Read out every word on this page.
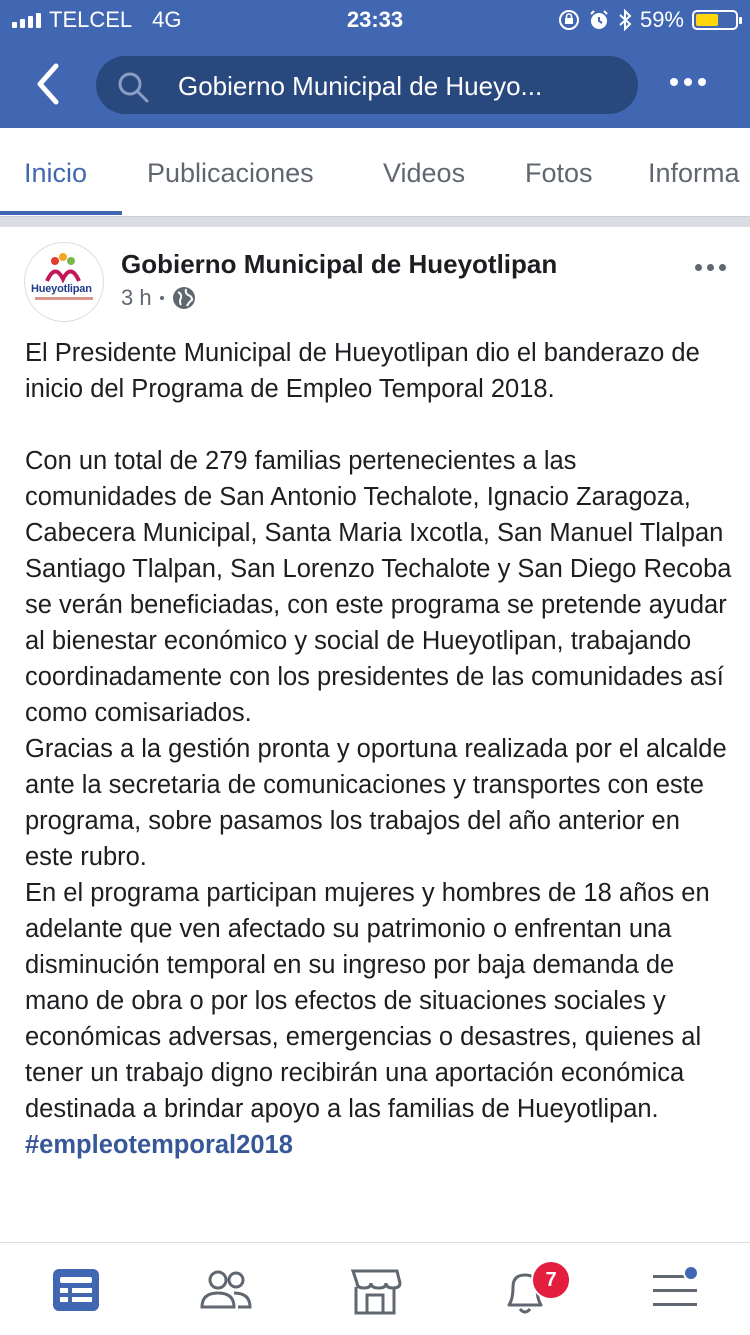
TELCEL 4G	23:33	59%
Gobierno Municipal de Hueyo...
Inicio Publicaciones	Videos Fotos Informa
Hueyotlipan
Gobierno Municipal de Hueyotlipan
3 h

El Presidente Municipal de Hueyotlipan dio el banderazo de inicio del Programa de Empleo Temporal 2018.

Con un total de 279 familias pertenecientes a las comunidades de San Antonio Techalote, Ignacio Zaragoza, Cabecera Municipal, Santa Maria Ixcotla, San Manuel Tlalpan Santiago Tlalpan, San Lorenzo Techalote y San Diego Recoba se verán beneficiadas, con este programa se pretende ayudar al bienestar económico y social de Hueyotlipan, trabajando coordinadamente con los presidentes de las comunidades así como comisariados.

Gracias a la gestión pronta y oportuna realizada por el alcalde ante la secretaria de comunicaciones y transportes con este programa, sobre pasamos los trabajos del año anterior en este rubro.

En el programa participan mujeres y hombres de 18 años en adelante que ven afectado su patrimonio o enfrentan una disminución temporal en su ingreso por baja demanda de mano de obra o por los efectos de situaciones sociales y económicas adversas, emergencias o desastres, quienes al tener un trabajo digno recibirán una aportación económica destinada a brindar apoyo a las familias de Hueyotlipan.

#empleotemporal2018

7
